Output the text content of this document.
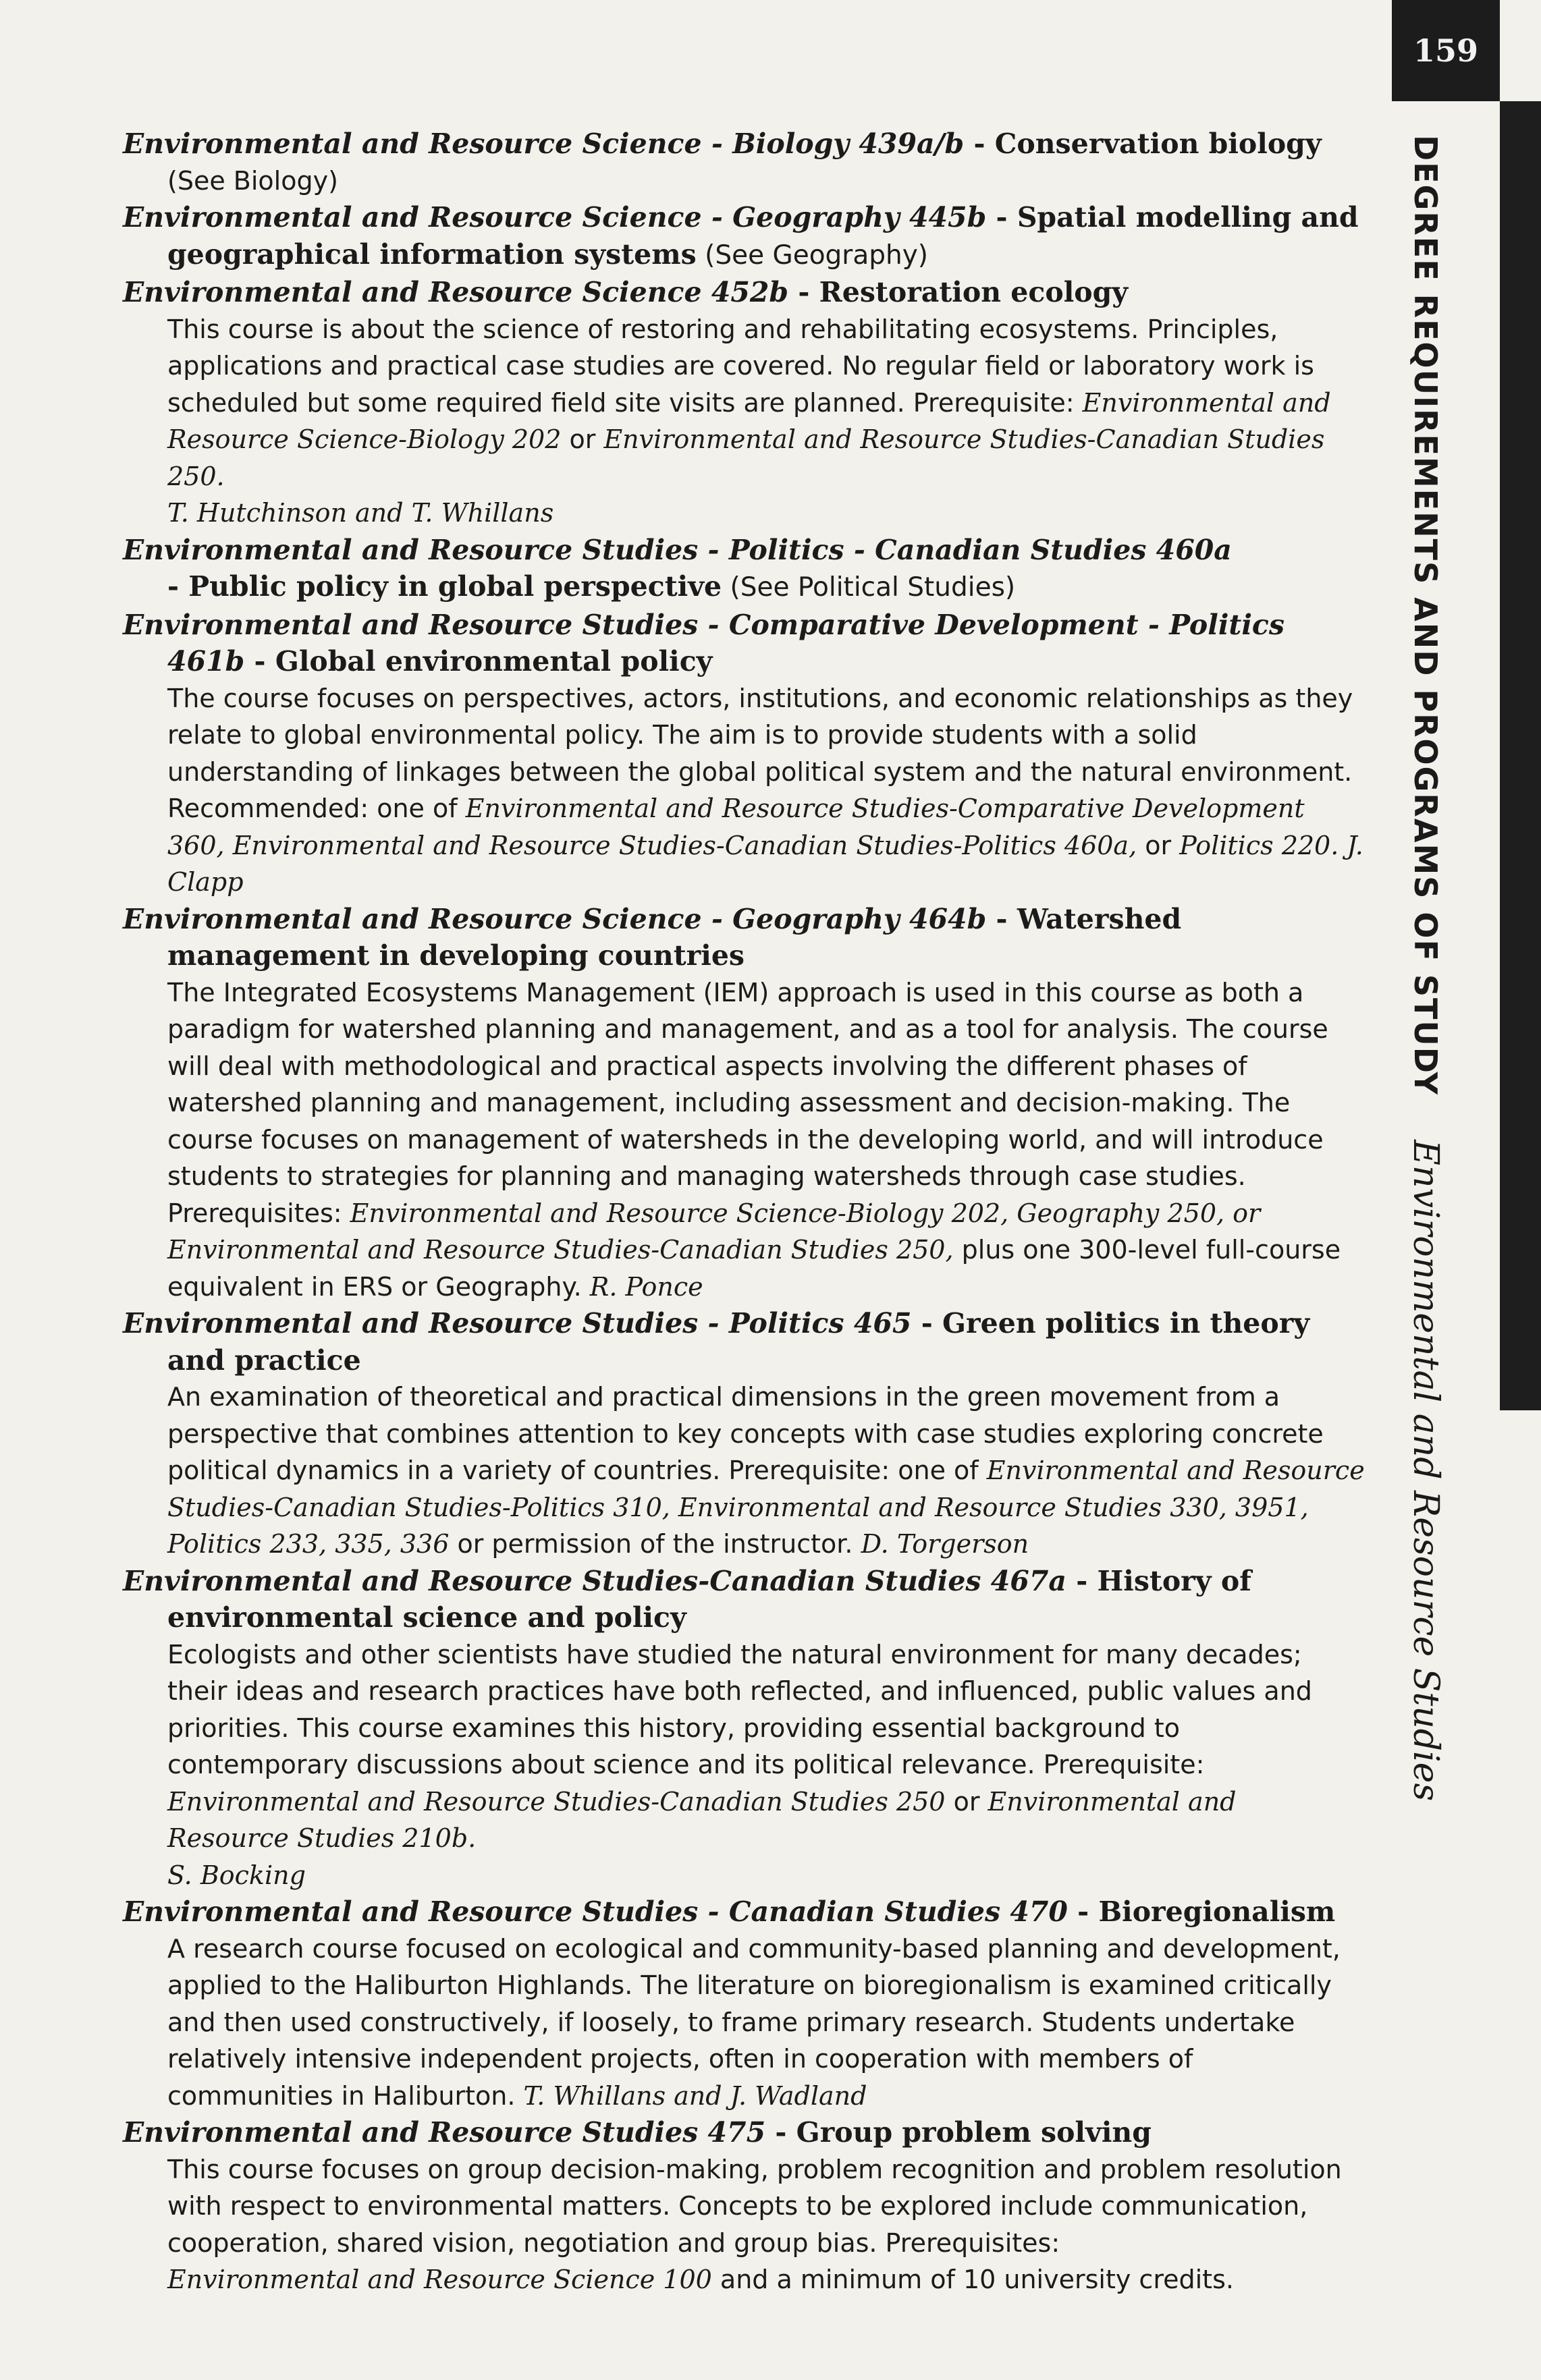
159
DEGREE REQUIREMENTS AND PROGRAMS OF STUDY Environmental and Resource Studies
Environmental and Resource Science - Biology 439a/b - Conservation biology
(See Biology)
Environmental and Resource Science - Geography 445b - Spatial modelling and geographical information systems (See Geography)
Environmental and Resource Science 452b - Restoration ecology
This course is about the science of restoring and rehabilitating ecosystems. Principles, applications and practical case studies are covered. No regular field or laboratory work is scheduled but some required field site visits are planned. Prerequisite: Environmental and Resource Science-Biology 202 or Environmental and Resource Studies-Canadian Studies 250.
T. Hutchinson and T. Whillans
Environmental and Resource Studies - Politics - Canadian Studies 460a
- Public policy in global perspective (See Political Studies)
Environmental and Resource Studies - Comparative Development - Politics 461b - Global environmental policy
The course focuses on perspectives, actors, institutions, and economic relationships as they relate to global environmental policy. The aim is to provide students with a solid understanding of linkages between the global political system and the natural environment. Recommended: one of Environmental and Resource Studies-Comparative Development 360, Environmental and Resource Studies-Canadian Studies-Politics 460a, or Politics 220. J. Clapp
Environmental and Resource Science - Geography 464b - Watershed management in developing countries
The Integrated Ecosystems Management (IEM) approach is used in this course as both a paradigm for watershed planning and management, and as a tool for analysis. The course will deal with methodological and practical aspects involving the different phases of watershed planning and management, including assessment and decision-making. The course focuses on management of watersheds in the developing world, and will introduce students to strategies for planning and managing watersheds through case studies. Prerequisites: Environmental and Resource Science-Biology 202, Geography 250, or Environmental and Resource Studies-Canadian Studies 250, plus one 300-level full-course equivalent in ERS or Geography. R. Ponce
Environmental and Resource Studies - Politics 465 - Green politics in theory and practice
An examination of theoretical and practical dimensions in the green movement from a perspective that combines attention to key concepts with case studies exploring concrete political dynamics in a variety of countries. Prerequisite: one of Environmental and Resource Studies-Canadian Studies-Politics 310, Environmental and Resource Studies 330, 3951, Politics 233, 335, 336 or permission of the instructor. D. Torgerson
Environmental and Resource Studies-Canadian Studies 467a - History of environmental science and policy
Ecologists and other scientists have studied the natural environment for many decades; their ideas and research practices have both reflected, and influenced, public values and priorities. This course examines this history, providing essential background to contemporary discussions about science and its political relevance. Prerequisite: Environmental and Resource Studies-Canadian Studies 250 or Environmental and Resource Studies 210b.
S. Bocking
Environmental and Resource Studies - Canadian Studies 470 - Bioregionalism
A research course focused on ecological and community-based planning and development, applied to the Haliburton Highlands. The literature on bioregionalism is examined critically and then used constructively, if loosely, to frame primary research. Students undertake relatively intensive independent projects, often in cooperation with members of communities in Haliburton. T. Whillans and J. Wadland
Environmental and Resource Studies 475 - Group problem solving
This course focuses on group decision-making, problem recognition and problem resolution with respect to environmental matters. Concepts to be explored include communication, cooperation, shared vision, negotiation and group bias. Prerequisites:
Environmental and Resource Science 100 and a minimum of 10 university credits.
